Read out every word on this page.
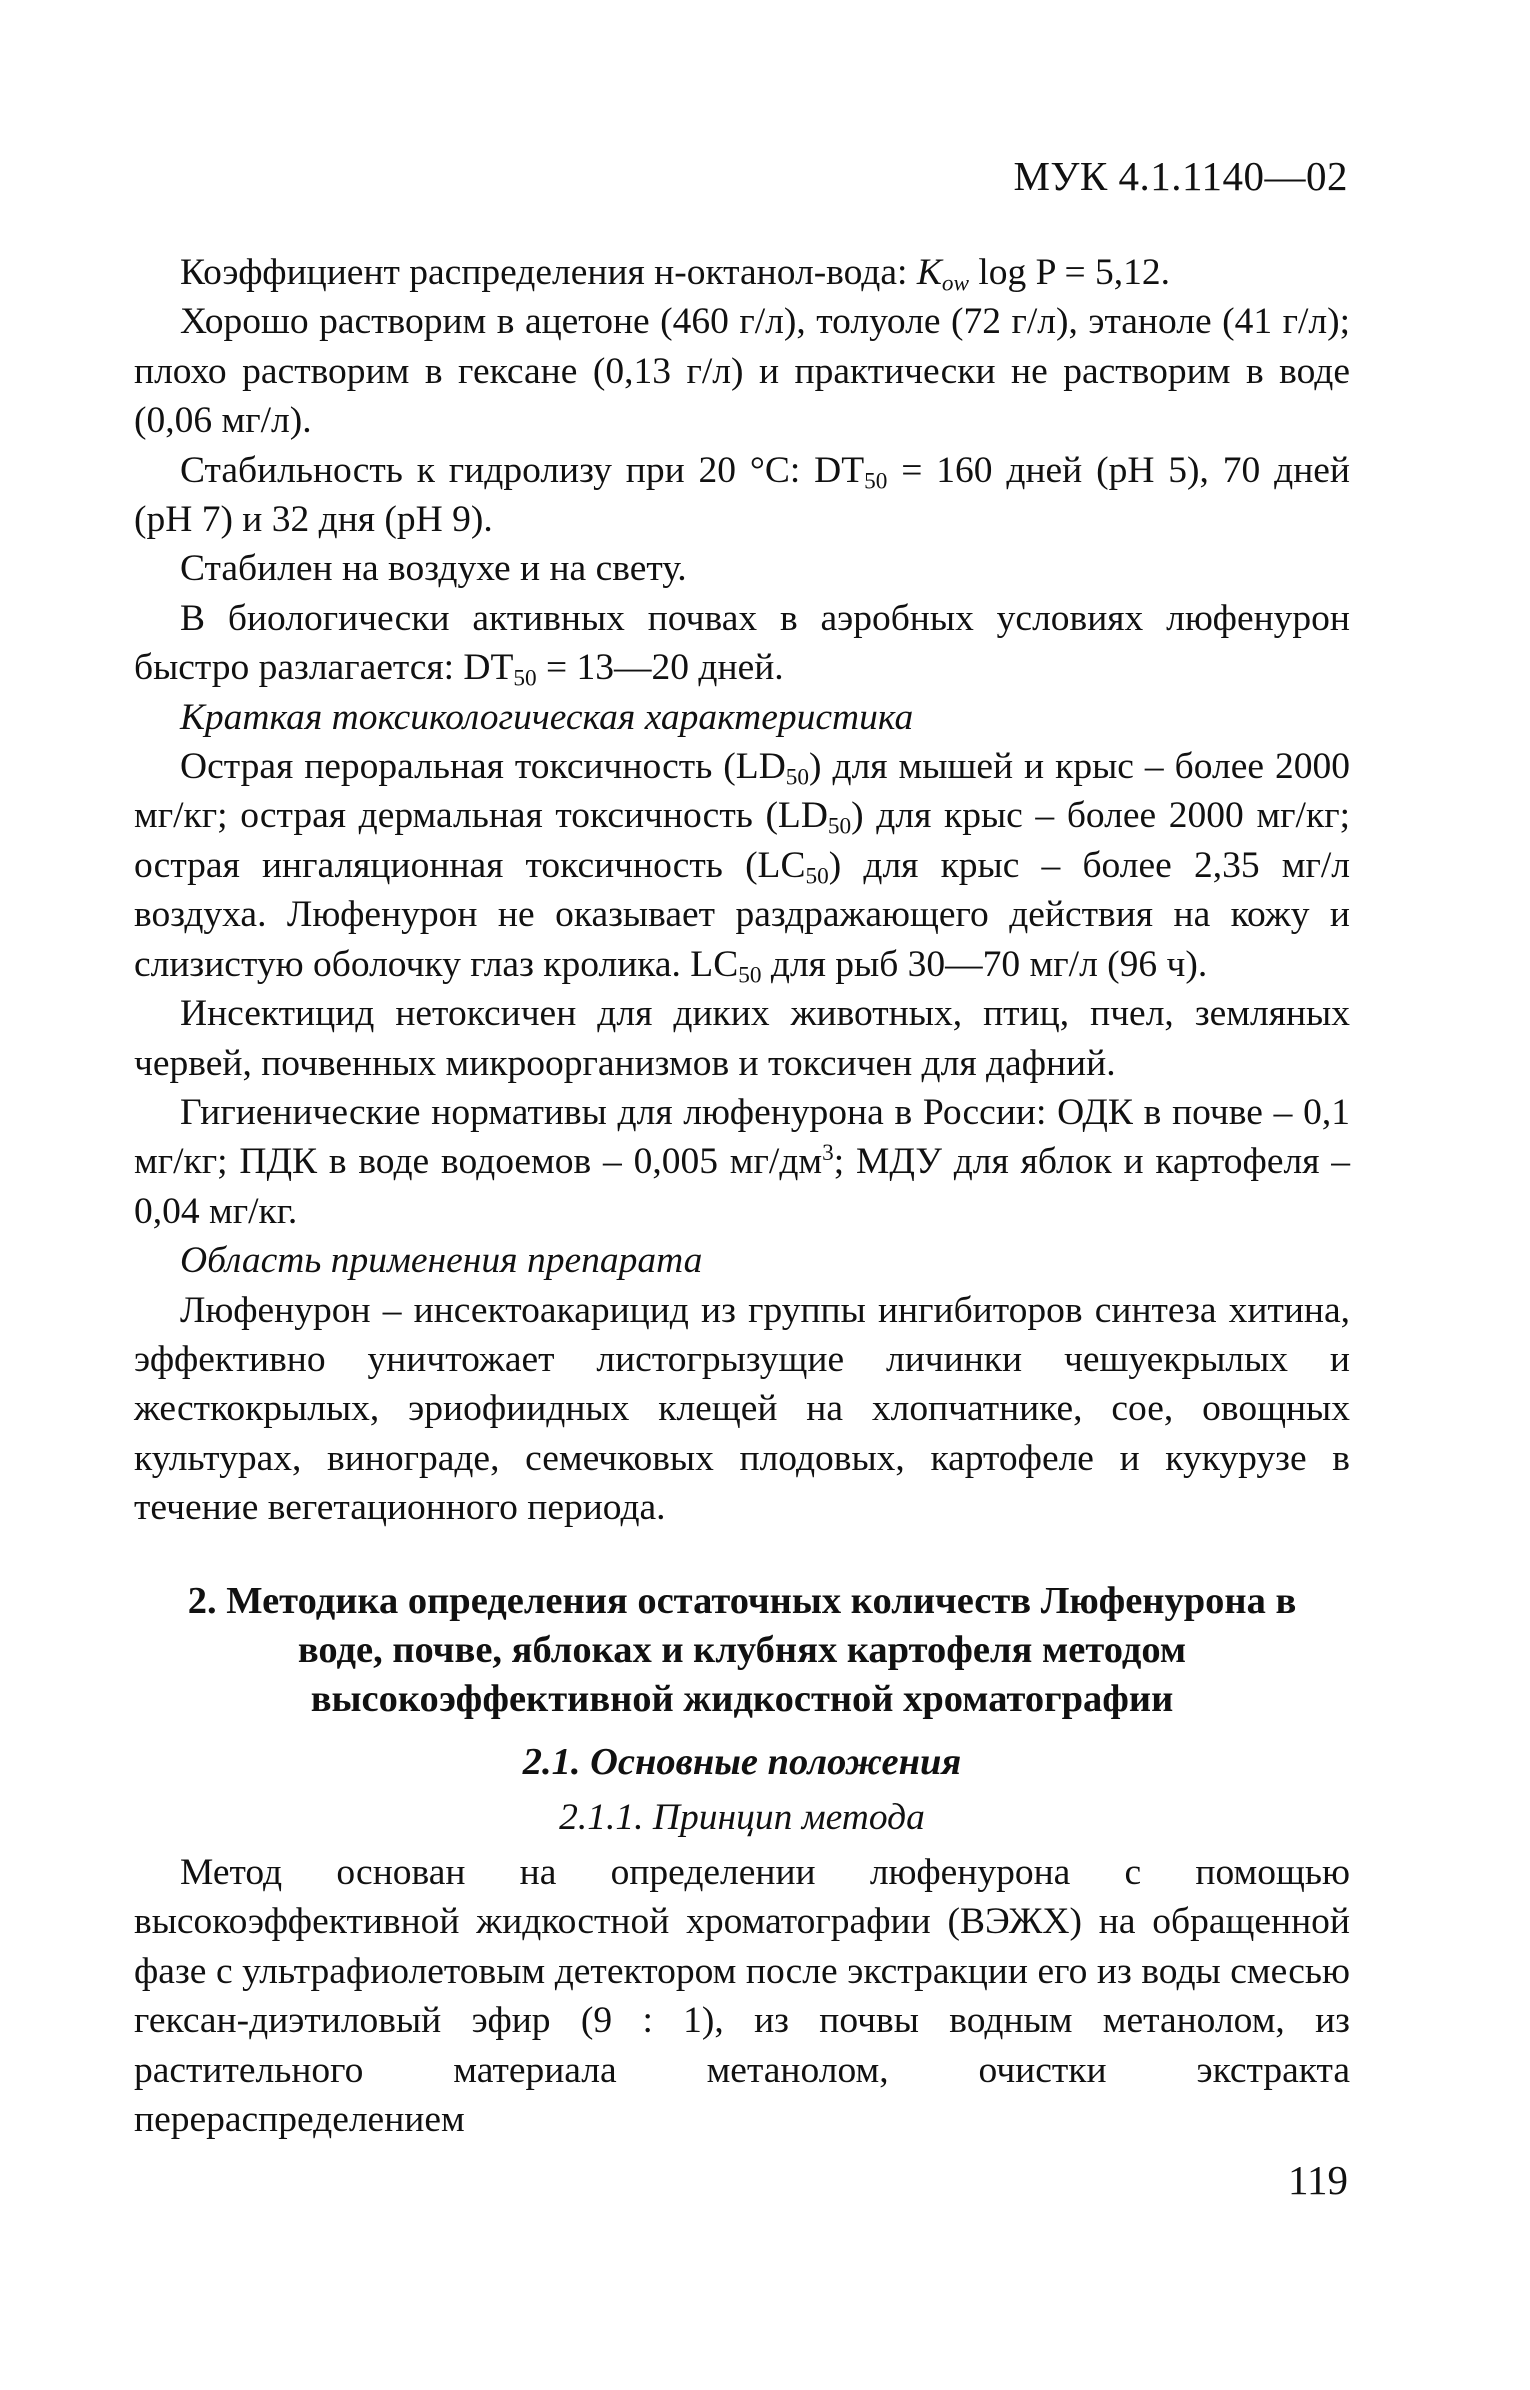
МУК 4.1.1140—02

Коэффициент распределения н-октанол-вода: $K_{ow}$ log P = 5,12.

Хорошо растворим в ацетоне (460 г/л), толуоле (72 г/л), этаноле (41 г/л); плохо растворим в гексане (0,13 г/л) и практически не растворим в воде (0,06 мг/л).

Стабильность к гидролизу при 20 °С: $DT_{50} = 160$ дней (pH 5), 70 дней (pH 7) и 32 дня (pH 9).

Стабилен на воздухе и на свету.

В биологически активных почвах в аэробных условиях люфенурон быстро разлагается: $DT_{50}$ = 13—20 дней.

Краткая токсикологическая характеристика

Острая пероральная токсичность $(LD_{50})$ для мышей и крыс – более 2000 мг/кг; острая дермальная токсичность $(LD_{50})$ для крыс – более 2000 мг/кг; острая ингаляционная токсичность $(LC_{50})$ для крыс – более 2,35 мг/л воздуха. Люфенурон не оказывает раздражающего действия на кожу и слизистую оболочку глаз кролика. $LC_{50}$ для рыб 30—70 мг/л (96 ч).

Инсектицид нетоксичен для диких животных, птиц, пчел, земляных червей, почвенных микроорганизмов и токсичен для дафний.

Гигиенические нормативы для люфенурона в России: ОДК в почве – 0,1 мг/кг; ПДК в воде водоемов – 0,005 $мг/дм^3$; МДУ для яблок и картофеля – 0,04 мг/кг.

Область применения препарата

Люфенурон – инсектоакарицид из группы ингибиторов синтеза хитина, эффективно уничтожает листогрызущие личинки чешуекрылых и жесткокрылых, эриофиидных клещей на хлопчатнике, сое, овощных культурах, винограде, семечковых плодовых, картофеле и кукурузе в течение вегетационного периода.

2. Методика определения остаточных количеств Люфенурона в

воде, почве, яблоках и клубнях картофеля методом

высокоэффективной жидкостной хроматографии

2.1. Основные положения

2.1.1. Принцип метода

Метод основан на определении люфенурона с помощью высокоэффективной жидкостной хроматографии (ВЭЖХ) на обращенной фазе с ультрафиолетовым детектором после экстракции его из воды смесью гексан-диэтиловый эфир (9 : 1), из почвы водным метанолом, из растительного материала метанолом, очистки экстракта перераспределением

119
